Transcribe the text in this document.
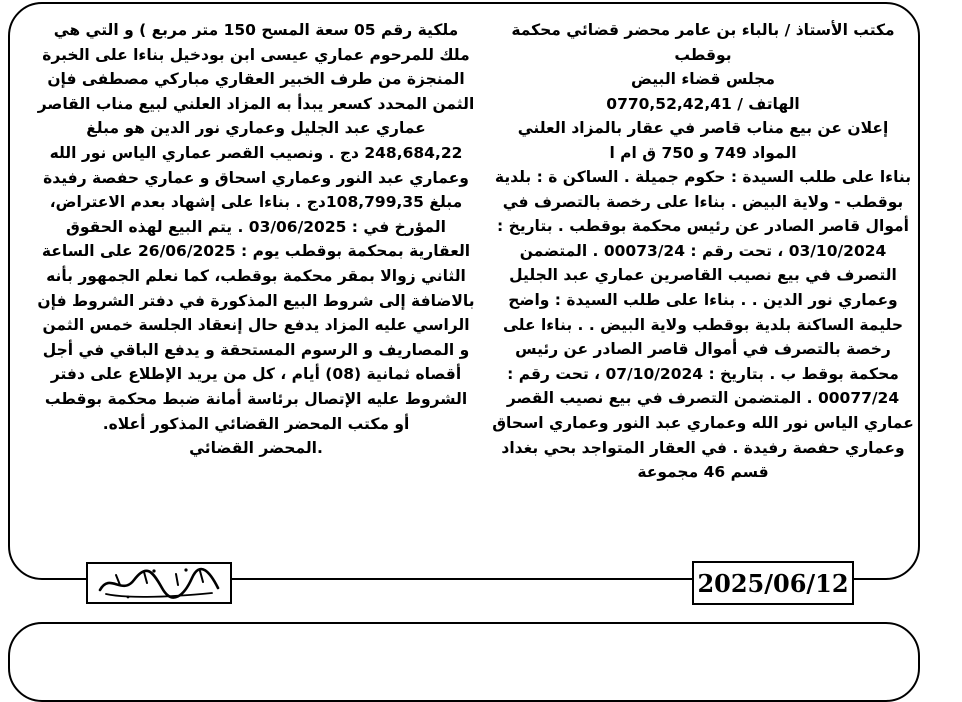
مكتب الأستاذ / بالباء بن عامر محضر قضائي محكمة

بوقطب

مجلس قضاء البيض

الهاتف / 0770,52,42,41

إعلان عن بيع مناب قاصر في عقار بالمزاد العلني

المواد 749 و 750 ق ام ا

بناءا على طلب السيدة : حكوم جميلة . الساكن ة : بلدية بوقطب - ولاية البيض . بناءا على رخصة بالتصرف في أموال قاصر الصادر عن رئيس محكمة بوقطب . بتاريخ : 03/10/2024 ، تحت رقم : 00073/24 . المتضمن التصرف في بيع نصيب القاصرين عماري عبد الجليل وعماري نور الدين . . بناءا على طلب السيدة : واضح حليمة الساكنة بلدية بوقطب ولاية البيض . . بناءا على رخصة بالتصرف في أموال قاصر الصادر عن رئيس محكمة بوقط ب . بتاريخ : 07/10/2024 ، تحت رقم : 00077/24 . المتضمن التصرف في بيع نصيب القصر عماري الياس نور الله وعماري عبد النور وعماري اسحاق وعماري حفصة رفيدة . في العقار المتواجد بحي بغداد قسم 46 مجموعة

ملكية رقم 05 سعة المسح 150 متر مربع ) و التي هي ملك للمرحوم عماري عيسى ابن بودخيل بناءا على الخبرة المنجزة من طرف الخبير العقاري مباركي مصطفى فإن الثمن المحدد كسعر يبدأ به المزاد العلني لبيع مناب القاصر عماري عبد الجليل وعماري نور الدين هو مبلغ 248,684,22 دج . ونصيب القصر عماري الياس نور الله وعماري عبد النور وعماري اسحاق و عماري حفصة رفيدة مبلغ 108,799,35دج . بناءا على إشهاد بعدم الاعتراض، المؤرخ في : 03/06/2025 . يتم البيع لهذه الحقوق العقارية بمحكمة بوقطب يوم : 26/06/2025 على الساعة الثاني زوالا بمقر محكمة بوقطب، كما نعلم الجمهور بأنه بالاضافة إلى شروط البيع المذكورة في دفتر الشروط فإن الراسي عليه المزاد يدفع حال إنعقاد الجلسة خمس الثمن و المصاريف و الرسوم المستحقة و يدفع الباقي في أجل أقصاه ثمانية (08) أيام ، كل من يريد الإطلاع على دفتر الشروط عليه الإتصال برئاسة أمانة ضبط محكمة بوقطب أو مكتب المحضر القضائي المذكور أعلاه.

.المحضر القضائي

2025/06/12
